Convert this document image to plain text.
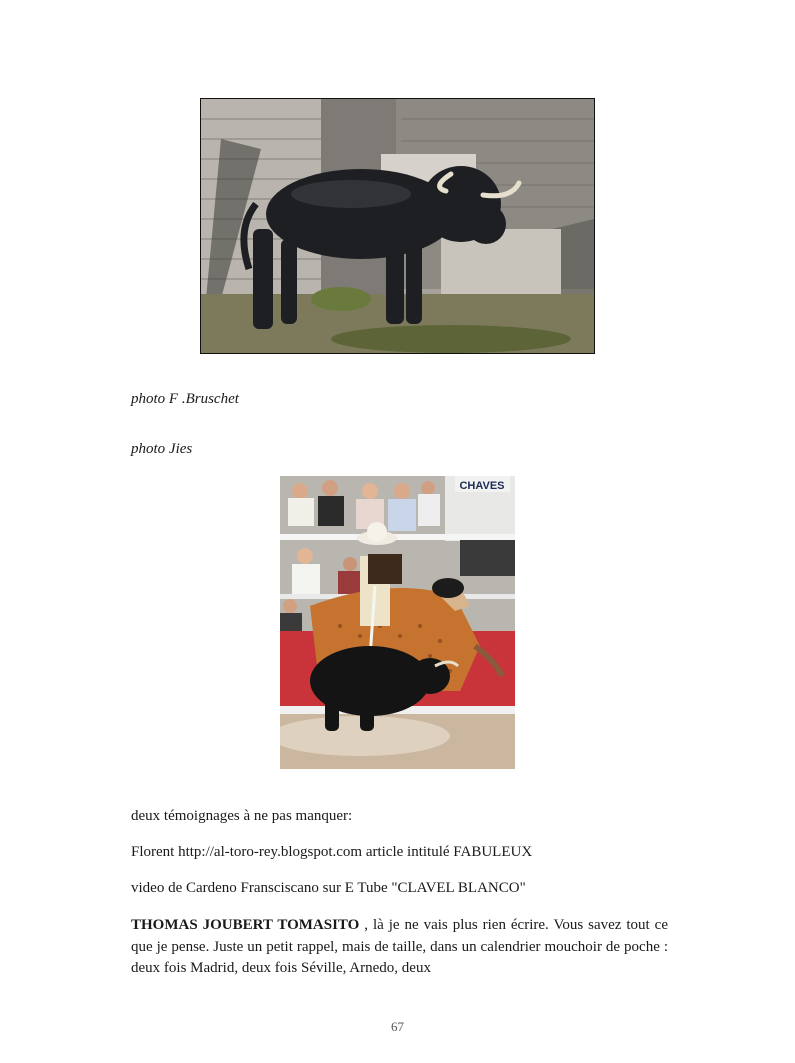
photo F .Bruschet
photo Jies
CHAVES
deux témoignages à ne pas manquer:
Florent http://al-toro-rey.blogspot.com article intitulé FABULEUX
video de Cardeno Fransciscano sur E Tube "CLAVEL BLANCO"
THOMAS JOUBERT TOMASITO , là je ne vais plus rien écrire. Vous savez tout ce que je pense. Juste un petit rappel, mais de taille, dans un calendrier mouchoir de poche : deux fois Madrid, deux fois Séville, Arnedo, deux
67
